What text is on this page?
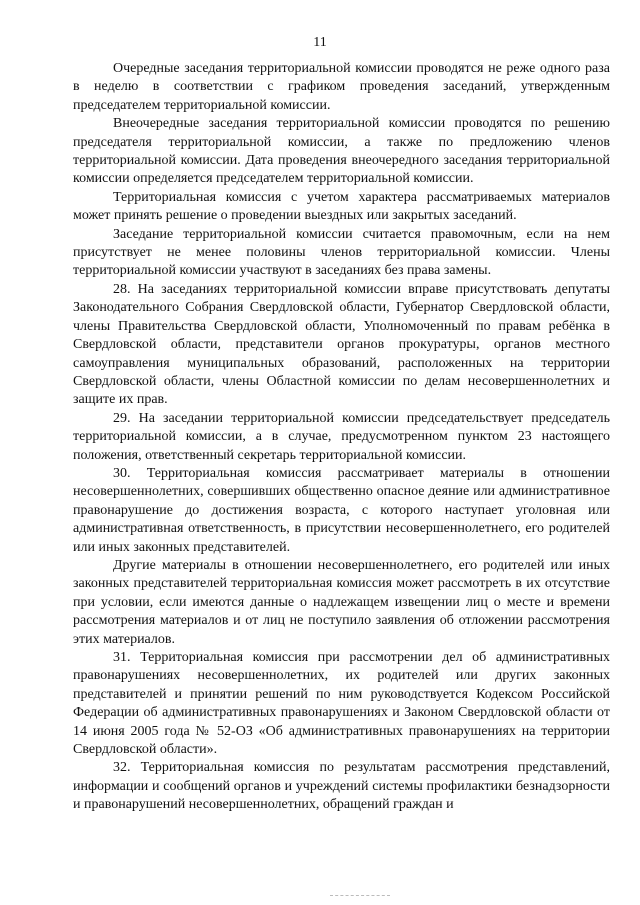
11

Очередные заседания территориальной комиссии проводятся не реже одного раза в неделю в соответствии с графиком проведения заседаний, утвержденным председателем территориальной комиссии.

Внеочередные заседания территориальной комиссии проводятся по решению председателя территориальной комиссии, а также по предложению членов территориальной комиссии. Дата проведения внеочередного заседания территориальной комиссии определяется председателем территориальной комиссии.

Территориальная комиссия с учетом характера рассматриваемых материалов может принять решение о проведении выездных или закрытых заседаний.

Заседание территориальной комиссии считается правомочным, если на нем присутствует не менее половины членов территориальной комиссии. Члены территориальной комиссии участвуют в заседаниях без права замены.

28. На заседаниях территориальной комиссии вправе присутствовать депутаты Законодательного Собрания Свердловской области, Губернатор Свердловской области, члены Правительства Свердловской области, Уполномоченный по правам ребёнка в Свердловской области, представители органов прокуратуры, органов местного самоуправления муниципальных образований, расположенных на территории Свердловской области, члены Областной комиссии по делам несовершеннолетних и защите их прав.

29. На заседании территориальной комиссии председательствует председатель территориальной комиссии, а в случае, предусмотренном пунктом 23 настоящего положения, ответственный секретарь территориальной комиссии.

30. Территориальная комиссия рассматривает материалы в отношении несовершеннолетних, совершивших общественно опасное деяние или административное правонарушение до достижения возраста, с которого наступает уголовная или административная ответственность, в присутствии несовершеннолетнего, его родителей или иных законных представителей.

Другие материалы в отношении несовершеннолетнего, его родителей или иных законных представителей территориальная комиссия может рассмотреть в их отсутствие при условии, если имеются данные о надлежащем извещении лиц о месте и времени рассмотрения материалов и от лиц не поступило заявления об отложении рассмотрения этих материалов.

31. Территориальная комиссия при рассмотрении дел об административных правонарушениях несовершеннолетних, их родителей или других законных представителей и принятии решений по ним руководствуется Кодексом Российской Федерации об административных правонарушениях и Законом Свердловской области от 14 июня 2005 года № 52-ОЗ «Об административных правонарушениях на территории Свердловской области».

32. Территориальная комиссия по результатам рассмотрения представлений, информации и сообщений органов и учреждений системы профилактики безнадзорности и правонарушений несовершеннолетних, обращений граждан и
